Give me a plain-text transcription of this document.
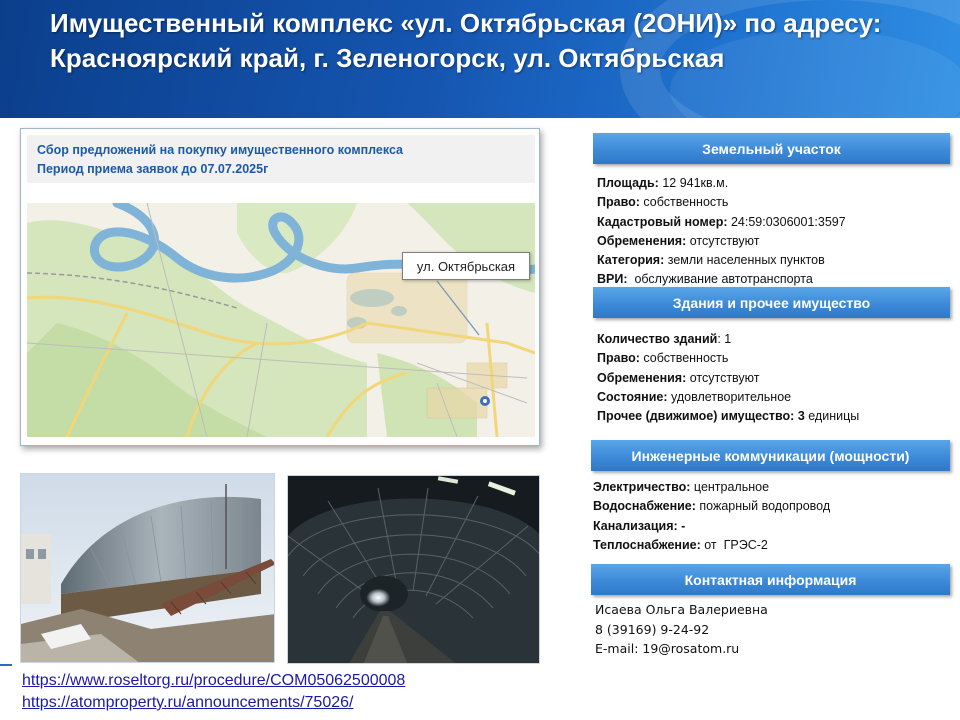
Имущественный комплекс «ул. Октябрьская (2ОНИ)» по адресу: Красноярский край, г. Зеленогорск, ул. Октябрьская
Сбор предложений на покупку имущественного комплекса
Период приема заявок до 07.07.2025г
ул. Октябрьская
Земельный участок
Площадь: 12 941кв.м.
Право: собственность
Кадастровый номер: 24:59:0306001:3597
Обременения: отсутствуют
Категория: земли населенных пунктов
ВРИ:  обслуживание автотранспорта
Здания и прочее имущество
Количество зданий: 1
Право: собственность
Обременения: отсутствуют
Состояние: удовлетворительное
Прочее (движимое) имущество: 3 единицы
Инженерные коммуникации (мощности)
Электричество: центральное
Водоснабжение: пожарный водопровод
Канализация: -
Теплоснабжение: от  ГРЭС-2
Контактная информация
Исаева Ольга Валериевна
8 (39169) 9-24-92
E-mail: 19@rosatom.ru
https://www.roseltorg.ru/procedure/COM05062500008
https://atomproperty.ru/announcements/75026/
